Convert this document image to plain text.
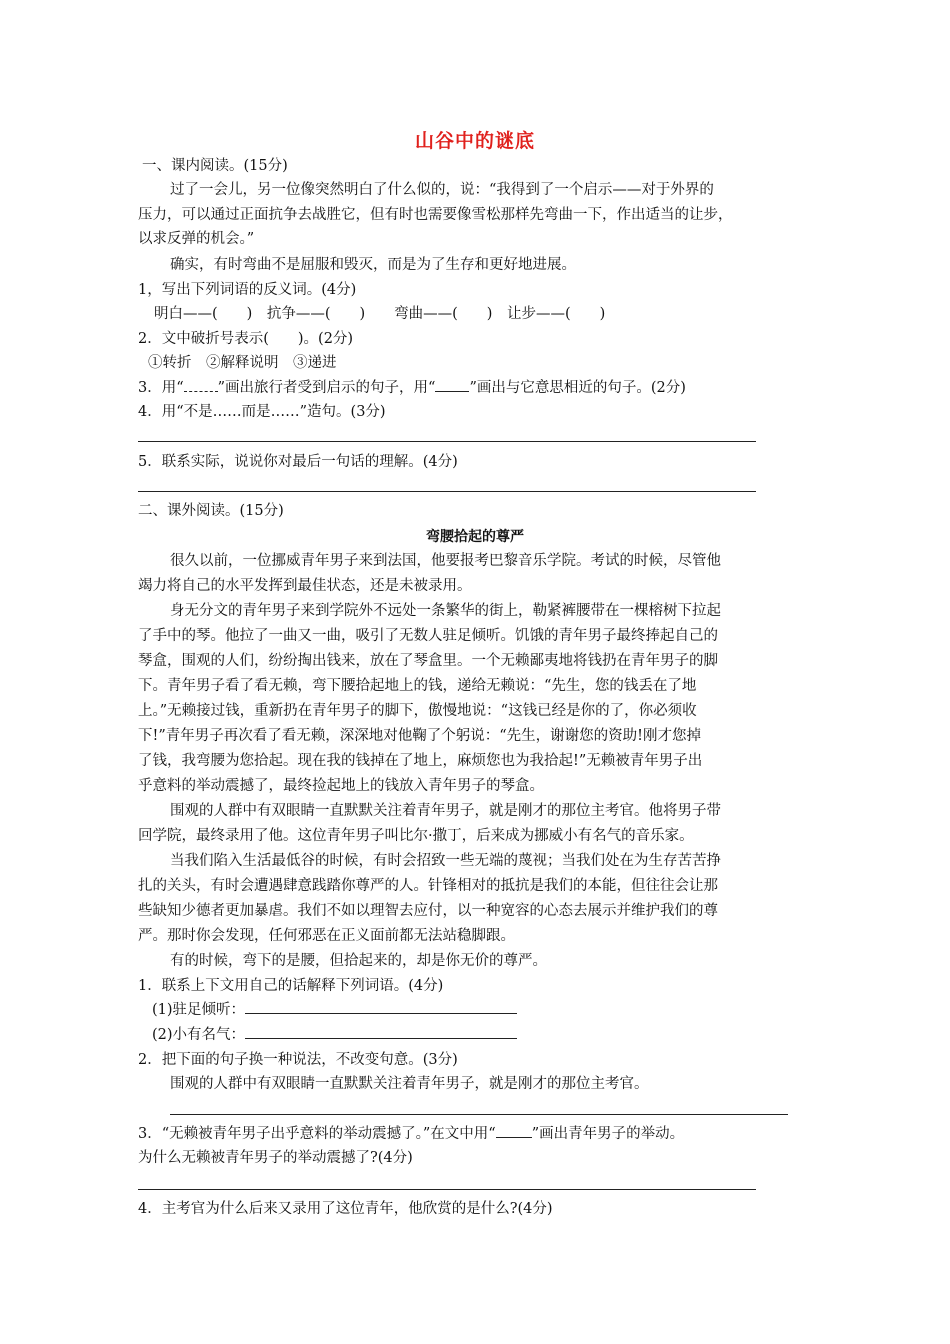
山谷中的谜底
一、课内阅读。(15分)
过了一会儿，另一位像突然明白了什么似的，说：“我得到了一个启示——对于外界的
压力，可以通过正面抗争去战胜它，但有时也需要像雪松那样先弯曲一下，作出适当的让步，
以求反弹的机会。”
确实，有时弯曲不是屈服和毁灭，而是为了生存和更好地进展。
1，写出下列词语的反义词。(4分)
明白——(　　)　抗争——(　　)　　弯曲——(　　)　让步——(　　)
2．文中破折号表示(　　)。(2分)
①转折　②解释说明　③递进
3．用“ ”画出旅行者受到启示的句子，用“ ”画出与它意思相近的句子。(2分)
4．用“不是……而是……”造句。(3分)
5．联系实际，说说你对最后一句话的理解。(4分)
二、课外阅读。(15分)
弯腰拾起的尊严
很久以前，一位挪威青年男子来到法国，他要报考巴黎音乐学院。考试的时候，尽管他
竭力将自己的水平发挥到最佳状态，还是未被录用。
身无分文的青年男子来到学院外不远处一条繁华的街上，勒紧裤腰带在一棵榕树下拉起
了手中的琴。他拉了一曲又一曲，吸引了无数人驻足倾听。饥饿的青年男子最终捧起自己的
琴盒，围观的人们，纷纷掏出钱来，放在了琴盒里。一个无赖鄙夷地将钱扔在青年男子的脚
下。青年男子看了看无赖，弯下腰拾起地上的钱，递给无赖说：“先生，您的钱丢在了地
上。”无赖接过钱，重新扔在青年男子的脚下，傲慢地说：“这钱已经是你的了，你必须收
下!”青年男子再次看了看无赖，深深地对他鞠了个躬说：“先生，谢谢您的资助!刚才您掉
了钱，我弯腰为您拾起。现在我的钱掉在了地上，麻烦您也为我拾起!”无赖被青年男子出
乎意料的举动震撼了，最终捡起地上的钱放入青年男子的琴盒。
围观的人群中有双眼睛一直默默关注着青年男子，就是刚才的那位主考官。他将男子带
回学院，最终录用了他。这位青年男子叫比尔·撒丁，后来成为挪威小有名气的音乐家。
当我们陷入生活最低谷的时候，有时会招致一些无端的蔑视；当我们处在为生存苦苦挣
扎的关头，有时会遭遇肆意践踏你尊严的人。针锋相对的抵抗是我们的本能，但往往会让那
些缺知少德者更加暴虐。我们不如以理智去应付，以一种宽容的心态去展示并维护我们的尊
严。那时你会发现，任何邪恶在正义面前都无法站稳脚跟。
有的时候，弯下的是腰，但拾起来的，却是你无价的尊严。
1．联系上下文用自己的话解释下列词语。(4分)
(1)驻足倾听：
(2)小有名气：
2．把下面的句子换一种说法，不改变句意。(3分)
围观的人群中有双眼睛一直默默关注着青年男子，就是刚才的那位主考官。
3．“无赖被青年男子出乎意料的举动震撼了。”在文中用“ ”画出青年男子的举动。
为什么无赖被青年男子的举动震撼了?(4分)
4．主考官为什么后来又录用了这位青年，他欣赏的是什么?(4分)
